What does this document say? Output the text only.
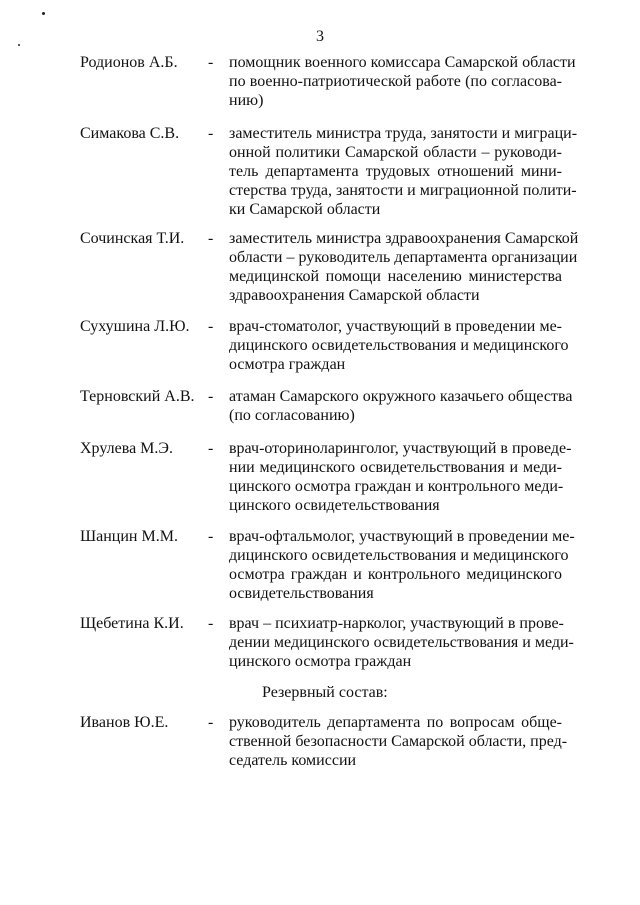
3
Родионов А.Б. - помощник военного комиссара Самарской области
по военно-патриотической работе (по согласова-
нию)
Симакова С.В. - заместитель министра труда, занятости и миграци-
онной политики Самарской области – руководи-
тель департамента трудовых отношений мини-
стерства труда, занятости и миграционной полити-
ки Самарской области
Сочинская Т.И. - заместитель министра здравоохранения Самарской
области – руководитель департамента организации
медицинской помощи населению министерства
здравоохранения Самарской области
Сухушина Л.Ю. - врач-стоматолог, участвующий в проведении ме-
дицинского освидетельствования и медицинского
осмотра граждан
Терновский А.В. - атаман Самарского окружного казачьего общества
(по согласованию)
Хрулева М.Э. - врач-оториноларинголог, участвующий в проведе-
нии медицинского освидетельствования и меди-
цинского осмотра граждан и контрольного меди-
цинского освидетельствования
Шанцин М.М. - врач-офтальмолог, участвующий в проведении ме-
дицинского освидетельствования и медицинского
осмотра граждан и контрольного медицинского
освидетельствования
Щебетина К.И. - врач – психиатр-нарколог, участвующий в прове-
дении медицинского освидетельствования и меди-
цинского осмотра граждан
Резервный состав:
Иванов Ю.Е. - руководитель департамента по вопросам обще-
ственной безопасности Самарской области, пред-
седатель комиссии
